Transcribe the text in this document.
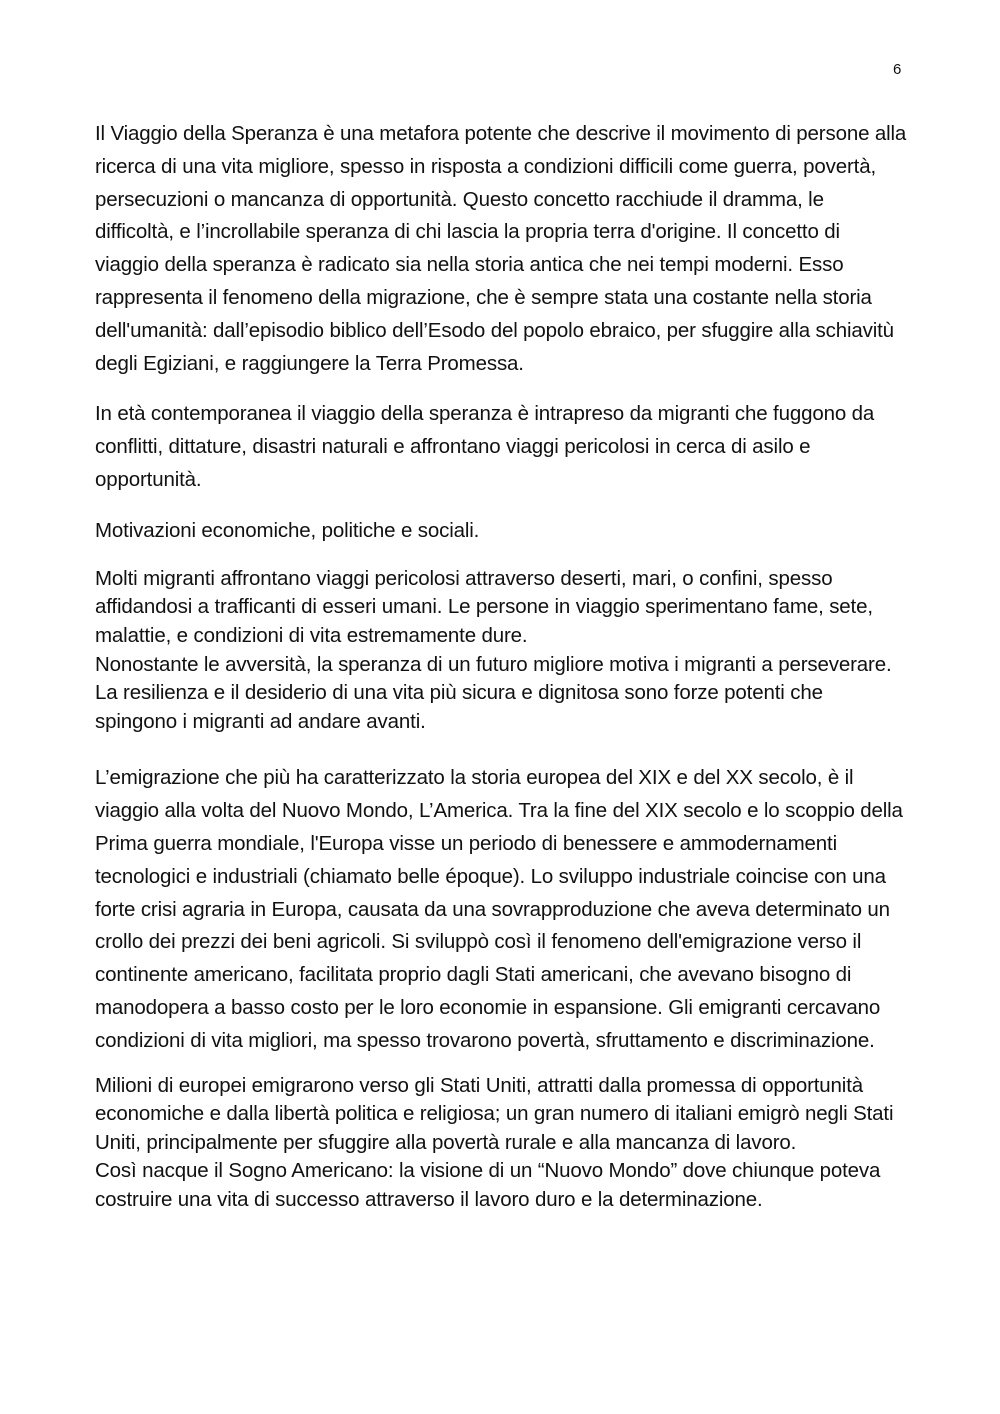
6

Il Viaggio della Speranza è una metafora potente che descrive il movimento di persone alla ricerca di una vita migliore, spesso in risposta a condizioni difficili come guerra, povertà, persecuzioni o mancanza di opportunità. Questo concetto racchiude il dramma, le difficoltà, e l’incrollabile speranza di chi lascia la propria terra d'origine. Il concetto di viaggio della speranza è radicato sia nella storia antica che nei tempi moderni. Esso rappresenta il fenomeno della migrazione, che è sempre stata una costante nella storia dell'umanità: dall’episodio biblico dell’Esodo del popolo ebraico, per sfuggire alla schiavitù degli Egiziani, e raggiungere la Terra Promessa.

In età contemporanea il viaggio della speranza è intrapreso da migranti che fuggono da conflitti, dittature, disastri naturali e affrontano viaggi pericolosi in cerca di asilo e opportunità.

Motivazioni economiche, politiche e sociali.

Molti migranti affrontano viaggi pericolosi attraverso deserti, mari, o confini, spesso affidandosi a trafficanti di esseri umani. Le persone in viaggio sperimentano fame, sete, malattie, e condizioni di vita estremamente dure.

Nonostante le avversità, la speranza di un futuro migliore motiva i migranti a perseverare. La resilienza e il desiderio di una vita più sicura e dignitosa sono forze potenti che spingono i migranti ad andare avanti.

L’emigrazione che più ha caratterizzato la storia europea del XIX e del XX secolo, è il viaggio alla volta del Nuovo Mondo, L’America. Tra la fine del XIX secolo e lo scoppio della Prima guerra mondiale, l'Europa visse un periodo di benessere e ammodernamenti tecnologici e industriali (chiamato belle époque). Lo sviluppo industriale coincise con una forte crisi agraria in Europa, causata da una sovrapproduzione che aveva determinato un crollo dei prezzi dei beni agricoli. Si sviluppò così il fenomeno dell'emigrazione verso il continente americano, facilitata proprio dagli Stati americani, che avevano bisogno di manodopera a basso costo per le loro economie in espansione. Gli emigranti cercavano condizioni di vita migliori, ma spesso trovarono povertà, sfruttamento e discriminazione.

Milioni di europei emigrarono verso gli Stati Uniti, attratti dalla promessa di opportunità economiche e dalla libertà politica e religiosa; un gran numero di italiani emigrò negli Stati Uniti, principalmente per sfuggire alla povertà rurale e alla mancanza di lavoro.

Così nacque il Sogno Americano: la visione di un “Nuovo Mondo” dove chiunque poteva costruire una vita di successo attraverso il lavoro duro e la determinazione.
